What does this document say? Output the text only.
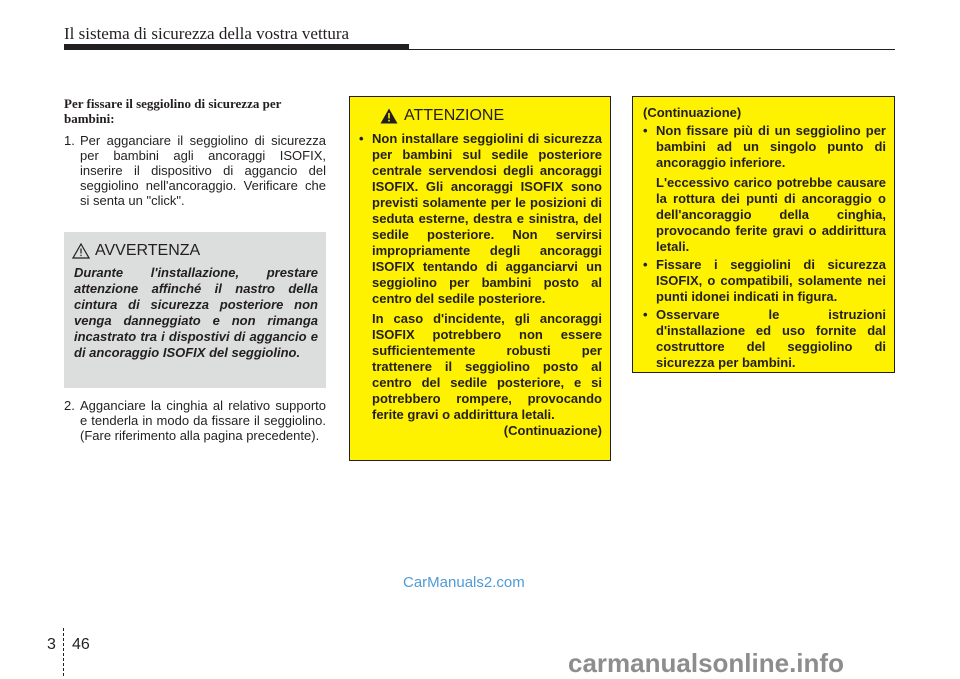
Il sistema di sicurezza della vostra vettura
Per fissare il seggiolino di sicurezza per bambini:
1. Per agganciare il seggiolino di sicurezza per bambini agli ancoraggi ISOFIX, inserire il dispositivo di aggancio del seggiolino nell'ancoraggio. Verificare che si senta un "click".
AVVERTENZA
Durante l'installazione, prestare attenzione affinché il nastro della cintura di sicurezza posteriore non venga danneggiato e non rimanga incastrato tra i dispostivi di aggancio e di ancoraggio ISOFIX del seggiolino.
2. Agganciare la cinghia al relativo supporto e tenderla in modo da fissare il seggiolino. (Fare riferimento alla pagina precedente).
ATTENZIONE
• Non installare seggiolini di sicurezza per bambini sul sedile posteriore centrale servendosi degli ancoraggi ISOFIX. Gli ancoraggi ISOFIX sono previsti solamente per le posizioni di seduta esterne, destra e sinistra, del sedile posteriore. Non servirsi impropriamente degli ancoraggi ISOFIX tentando di agganciarvi un seggiolino per bambini posto al centro del sedile posteriore.
In caso d'incidente, gli ancoraggi ISOFIX potrebbero non essere sufficientemente robusti per trattenere il seggiolino posto al centro del sedile posteriore, e si potrebbero rompere, provocando ferite gravi o addirittura letali.
(Continuazione)
(Continuazione)
• Non fissare più di un seggiolino per bambini ad un singolo punto di ancoraggio inferiore.
L'eccessivo carico potrebbe causare la rottura dei punti di ancoraggio o dell'ancoraggio della cinghia, provocando ferite gravi o addirittura letali.
• Fissare i seggiolini di sicurezza ISOFIX, o compatibili, solamente nei punti idonei indicati in figura.
• Osservare le istruzioni d'installazione ed uso fornite dal costruttore del seggiolino di sicurezza per bambini.
CarManuals2.com
3 46
carmanualsonline.info
